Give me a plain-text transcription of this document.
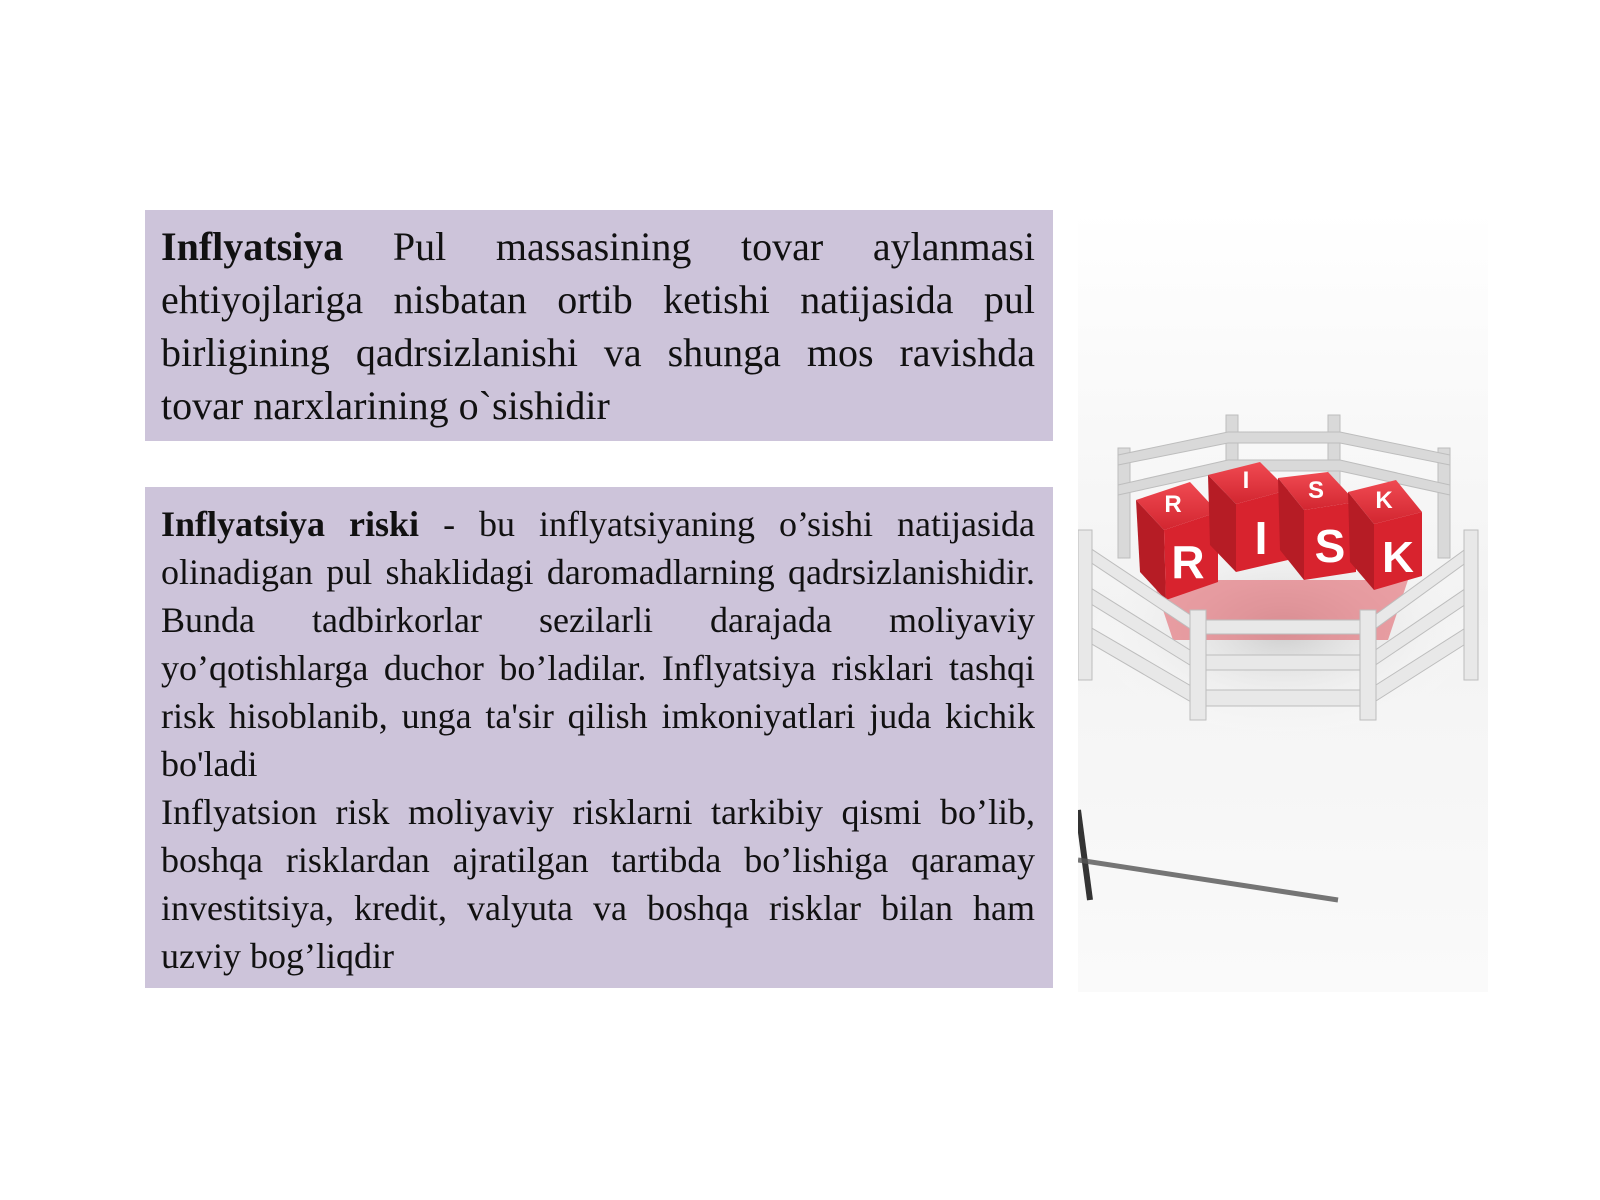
Inflyatsiya Pul massasining tovar aylanmasi ehtiyojlariga nisbatan ortib ketishi natijasida pul birligining qadrsizlanishi va shunga mos ravishda tovar narxlarining o`sishidir
Inflyatsiya riski - bu inflyatsiyaning o’sishi natijasida olinadigan pul shaklidagi daromadlarning qadrsizlanishidir. Bunda tadbirkorlar sezilarli darajada moliyaviy yo’qotishlarga duchor bo’ladilar. Inflyatsiya risklari tashqi risk hisoblanib, unga ta'sir qilish imkoniyatlari juda kichik bo'ladi
Inflyatsion risk moliyaviy risklarni tarkibiy qismi bo’lib, boshqa risklardan ajratilgan tartibda bo’lishiga qaramay investitsiya, kredit, valyuta va boshqa risklar bilan ham uzviy bog’liqdir
R
R
I
I
S
S
K
K
